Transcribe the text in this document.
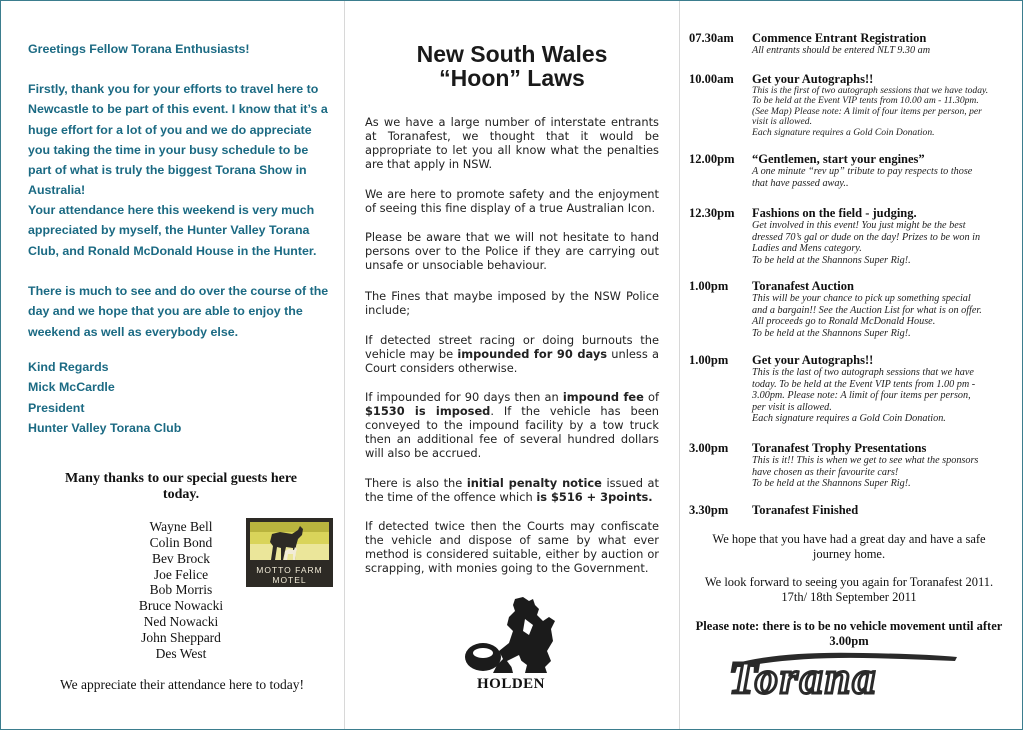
Greetings Fellow Torana Enthusiasts!

Firstly, thank you for your efforts to travel here to Newcastle to be part of this event. I know that it’s a huge effort for a lot of you and we do appreciate you taking the time in your busy schedule to be part of what is truly the biggest Torana Show in Australia!

Your attendance here this weekend is very much appreciated by myself, the Hunter Valley Torana Club, and Ronald McDonald House in the Hunter.

There is much to see and do over the course of the day and we hope that you are able to enjoy the weekend as well as everybody else.

Kind Regards
Mick McCardle
President
Hunter Valley Torana Club
Many thanks to our special guests here today.
Wayne Bell
Colin Bond
Bev Brock
Joe Felice
Bob Morris
Bruce Nowacki
Ned Nowacki
John Sheppard
Des West
MOTTO FARM
MOTEL
We appreciate their attendance here to today!
New South Wales
“Hoon” Laws

As we have a large number of interstate entrants at Toranafest, we thought that it would be appropriate to let you all know what the penalties are that apply in NSW.

We are here to promote safety and the enjoyment of seeing this fine display of a true Australian Icon.

Please be aware that we will not hesitate to hand persons over to the Police if they are carrying out unsafe or unsociable behaviour.

The Fines that maybe imposed by the NSW Police include;

If detected street racing or doing burnouts the vehicle may be impounded for 90 days unless a Court considers otherwise.

If impounded for 90 days then an impound fee of $1530 is imposed. If the vehicle has been conveyed to the impound facility by a tow truck then an additional fee of several hundred dollars will also be accrued.

There is also the initial penalty notice issued at the time of the offence which is $516 + 3points.

If detected twice then the Courts may confiscate the vehicle and dispose of same by what ever method is considered suitable, either by auction or scrapping, with monies going to the Government.

HOLDEN
07.30am	Commence Entrant Registration
All entrants should be entered NLT 9.30 am
10.00am	Get your Autographs!!
This is the first of two autograph sessions that we have today.
To be held at the Event VIP tents from 10.00 am - 11.30pm.
(See Map) Please note: A limit of four items per person, per
visit is allowed.
Each signature requires a Gold Coin Donation.
12.00pm	“Gentlemen, start your engines”
A one minute “rev up” tribute to pay respects to those
that have passed away..
12.30pm	Fashions on the field - judging.
Get involved in this event! You just might be the best
dressed 70’s gal or dude on the day! Prizes to be won in
Ladies and Mens category.
To be held at the Shannons Super Rig!.
1.00pm	Toranafest Auction
This will be your chance to pick up something special
and a bargain!! See the Auction List for what is on offer.
All proceeds go to Ronald McDonald House.
To be held at the Shannons Super Rig!.
1.00pm	Get your Autographs!!
This is the last of two autograph sessions that we have
today. To be held at the Event VIP tents from 1.00 pm -
3.00pm. Please note: A limit of four items per person,
per visit is allowed.
Each signature requires a Gold Coin Donation.
3.00pm	Toranafest Trophy Presentations
This is it!! This is when we get to see what the sponsors
have chosen as their favourite cars!
To be held at the Shannons Super Rig!.
3.30pm	Toranafest Finished
We hope that you have had a great day and have a safe journey home.
We look forward to seeing you again for Toranafest 2011.
17th/ 18th September 2011
Please note: there is to be no vehicle movement until after 3.00pm
Torana
